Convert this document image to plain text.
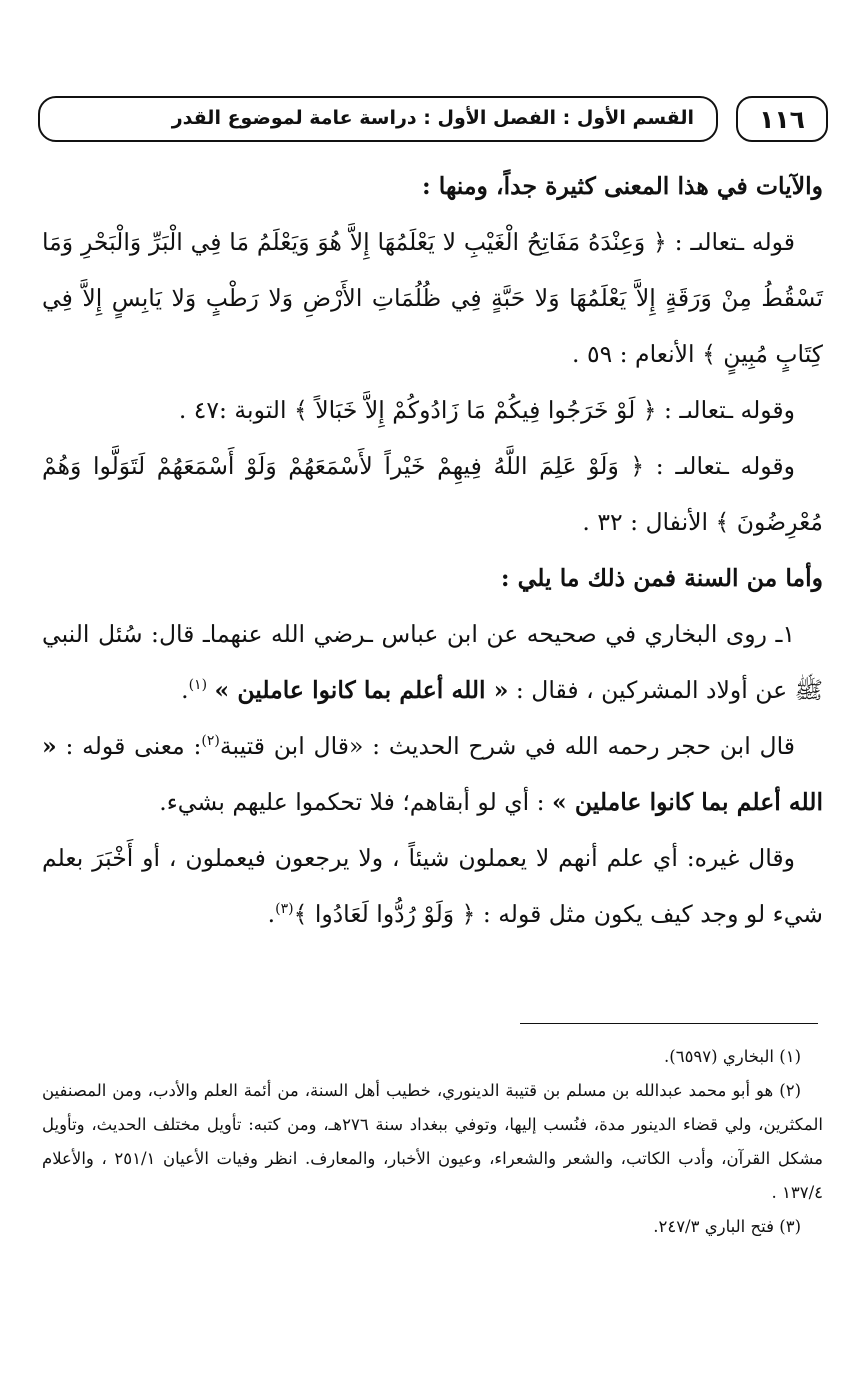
القسم الأول : الفصل الأول : دراسة عامة لموضوع القدر	١١٦

والآيات في هذا المعنى كثيرة جداً، ومنها :

قوله ـتعالىـ : ﴿ وَعِنْدَهُ مَفَاتِحُ الْغَيْبِ لا يَعْلَمُهَا إِلاَّ هُوَ وَيَعْلَمُ مَا فِي الْبَرِّ وَالْبَحْرِ وَمَا تَسْقُطُ مِنْ وَرَقَةٍ إِلاَّ يَعْلَمُهَا وَلا حَبَّةٍ فِي ظُلُمَاتِ الأَرْضِ وَلا رَطْبٍ وَلا يَابِسٍ إِلاَّ فِي كِتَابٍ مُبِينٍ ﴾ الأنعام : ٥٩ .

وقوله ـتعالىـ : ﴿ لَوْ خَرَجُوا فِيكُمْ مَا زَادُوكُمْ إِلاَّ خَبَالاً ﴾ التوبة :٤٧ .

وقوله ـتعالىـ : ﴿ وَلَوْ عَلِمَ اللَّهُ فِيهِمْ خَيْراً لأَسْمَعَهُمْ وَلَوْ أَسْمَعَهُمْ لَتَوَلَّوا وَهُمْ مُعْرِضُونَ ﴾ الأنفال : ٣٢ .

وأما من السنة فمن ذلك ما يلي :

١ـ روى البخاري في صحيحه عن ابن عباس ـرضي الله عنهماـ قال: سُئل النبي ﷺ عن أولاد المشركين ، فقال : « الله أعلم بما كانوا عاملين » $^{(١)}$.

قال ابن حجر رحمه الله في شرح الحديث : «قال ابن قتيبة$^{(٢)}$: معنى قوله : « الله أعلم بما كانوا عاملين » : أي لو أبقاهم؛ فلا تحكموا عليهم بشيء.

وقال غيره: أي علم أنهم لا يعملون شيئاً ، ولا يرجعون فيعملون ، أو أَخْبَرَ بعلم شيء لو وجد كيف يكون مثل قوله : ﴿ وَلَوْ رُدُّوا لَعَادُوا ﴾$^{(٣)}$.

(١) البخاري (٦٥٩٧).

(٢) هو أبو محمد عبدالله بن مسلم بن قتيبة الدينوري، خطيب أهل السنة، من أئمة العلم والأدب، ومن المصنفين المكثرين، ولي قضاء الدينور مدة، فنُسب إليها، وتوفي ببغداد سنة ٢٧٦هـ، ومن كتبه: تأويل مختلف الحديث، وتأويل مشكل القرآن، وأدب الكاتب، والشعر والشعراء، وعيون الأخبار، والمعارف. انظر وفيات الأعيان ٢٥١/١ ، والأعلام ١٣٧/٤ .

(٣) فتح الباري ٢٤٧/٣.
